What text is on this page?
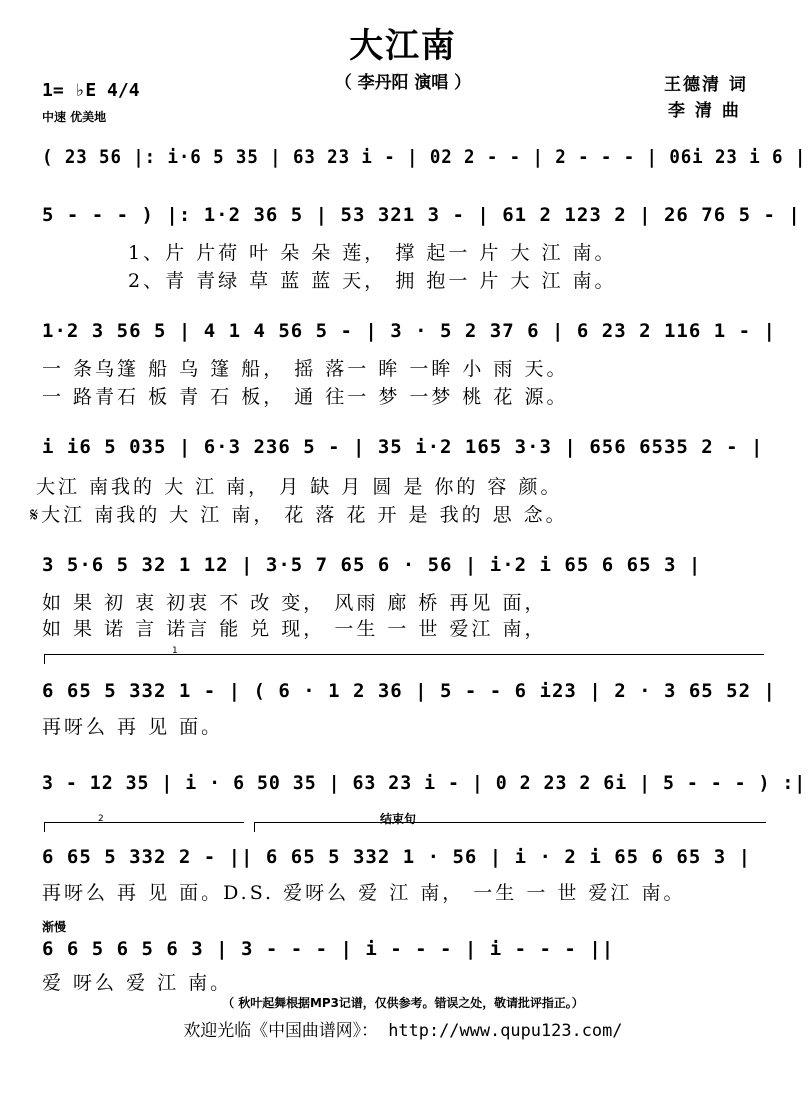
大江南
（ 李丹阳 演唱 ）	王德清 词
李 清 曲
1= ♭E 4/4
中速 优美地
( 23 56 |: i·6 5 35 | 63 23 i - | 02 2 - - | 2 - - - | 06i 23 i 6 |
5 - - - ) |: 1·2 36 5 | 53 321 3 - | 61 2 123 2 | 26 76 5 - |
1、片 片荷 叶 朵 朵 莲， 撑 起一 片 大 江 南。
2、青 青绿 草 蓝 蓝 天， 拥 抱一 片 大 江 南。
1·2 3 56 5 | 4 1 4 56 5 - | 3 · 5 2 37 6 | 6 23 2 116 1 - |
一 条乌篷 船 乌 篷 船， 摇 落一 眸 一眸 小 雨 天。
一 路青石 板 青 石 板， 通 往一 梦 一梦 桃 花 源。
i i6 5 035 | 6·3 236 5 - | 35 i·2 165 3·3 | 656 6535 2 - |
大江 南我的 大 江 南， 月 缺 月 圆 是 你的 容 颜。
𝄋大江 南我的 大 江 南， 花 落 花 开 是 我的 思 念。
3 5·6 5 32 1 12 | 3·5 7 65 6 · 56 | i·2 i 65 6 65 3 |
如 果 初 衷 初衷 不 改 变， 风雨 廊 桥 再见 面，
如 果 诺 言 诺言 能 兑 现， 一生 一 世 爱江 南，
1
6 65 5 332 1 - | ( 6 · 1 2 36 | 5 - - 6 i23 | 2 · 3 65 52 |
再呀么 再 见 面。
3 - 12 35 | i · 6 50 35 | 63 23 i - | 0 2 23 2 6i | 5 - - - ) :|
2	结束句
6 65 5 332 2 - || 6 65 5 332 1 · 56 | i · 2 i 65 6 65 3 |
再呀么 再 见 面。D.S. 爱呀么 爱 江 南， 一生 一 世 爱江 南。
渐慢
6 6 5 6 5 6 3 | 3 - - - | i - - - | i - - - ||
爱 呀么 爱 江 南。
（ 秋叶起舞根据MP3记谱，仅供参考。错误之处，敬请批评指正。）
欢迎光临《中国曲谱网》： http://www.qupu123.com/
